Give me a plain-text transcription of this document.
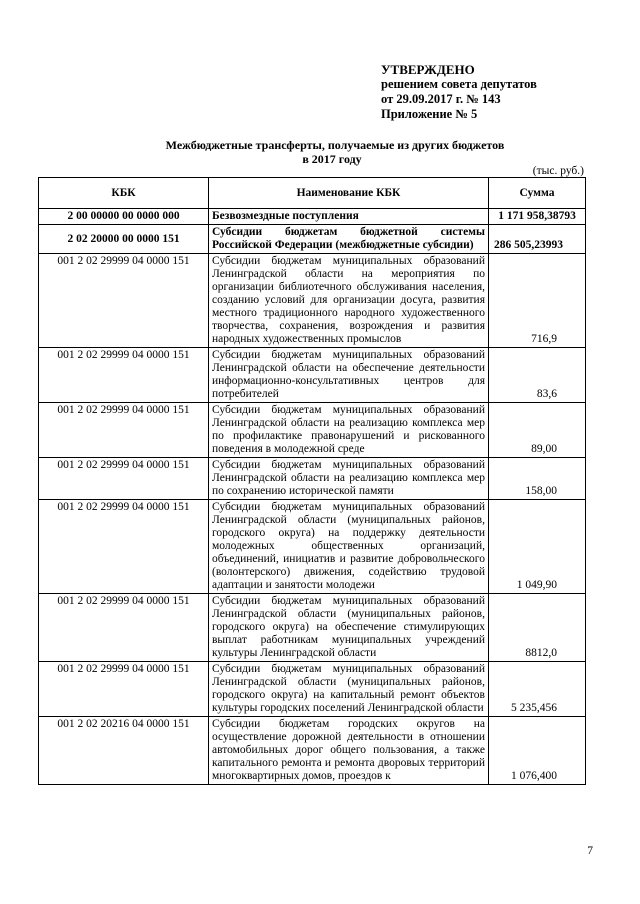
УТВЕРЖДЕНО
решением совета депутатов
от 29.09.2017 г. № 143
Приложение № 5
Межбюджетные трансферты, получаемые из других бюджетов
в 2017 году
(тыс. руб.)
КБК	Наименование КБК	Сумма
2 00 00000 00 0000 000	Безвозмездные поступления	1 171 958,38793
2 02 20000 00 0000 151	Субсидии бюджетам бюджетной системы Российской Федерации (межбюджетные субсидии)	286 505,23993
001 2 02 29999 04 0000 151	Субсидии бюджетам муниципальных образований Ленинградской области на мероприятия по организации библиотечного обслуживания населения, созданию условий для организации досуга, развития местного традиционного народного художественного творчества, сохранения, возрождения и развития народных художественных промыслов	716,9
001 2 02 29999 04 0000 151	Субсидии бюджетам муниципальных образований Ленинградской области на обеспечение деятельности информационно-консультативных центров для потребителей	83,6
001 2 02 29999 04 0000 151	Субсидии бюджетам муниципальных образований Ленинградской области на реализацию комплекса мер по профилактике правонарушений и рискованного поведения в молодежной среде	89,00
001 2 02 29999 04 0000 151	Субсидии бюджетам муниципальных образований Ленинградской области на реализацию комплекса мер по сохранению исторической памяти	158,00
001 2 02 29999 04 0000 151	Субсидии бюджетам муниципальных образований Ленинградской области (муниципальных районов, городского округа) на поддержку деятельности молодежных общественных организаций, объединений, инициатив и развитие добровольческого (волонтерского) движения, содействию трудовой адаптации и занятости молодежи	1 049,90
001 2 02 29999 04 0000 151	Субсидии бюджетам муниципальных образований Ленинградской области (муниципальных районов, городского округа) на обеспечение стимулирующих выплат работникам муниципальных учреждений культуры Ленинградской области	8812,0
001 2 02 29999 04 0000 151	Субсидии бюджетам муниципальных образований Ленинградской области (муниципальных районов, городского округа) на капитальный ремонт объектов культуры городских поселений Ленинградской области	5 235,456
001 2 02 20216 04 0000 151	Субсидии бюджетам городских округов на осуществление дорожной деятельности в отношении автомобильных дорог общего пользования, а также капитального ремонта и ремонта дворовых территорий многоквартирных домов, проездов к	1 076,400
7
